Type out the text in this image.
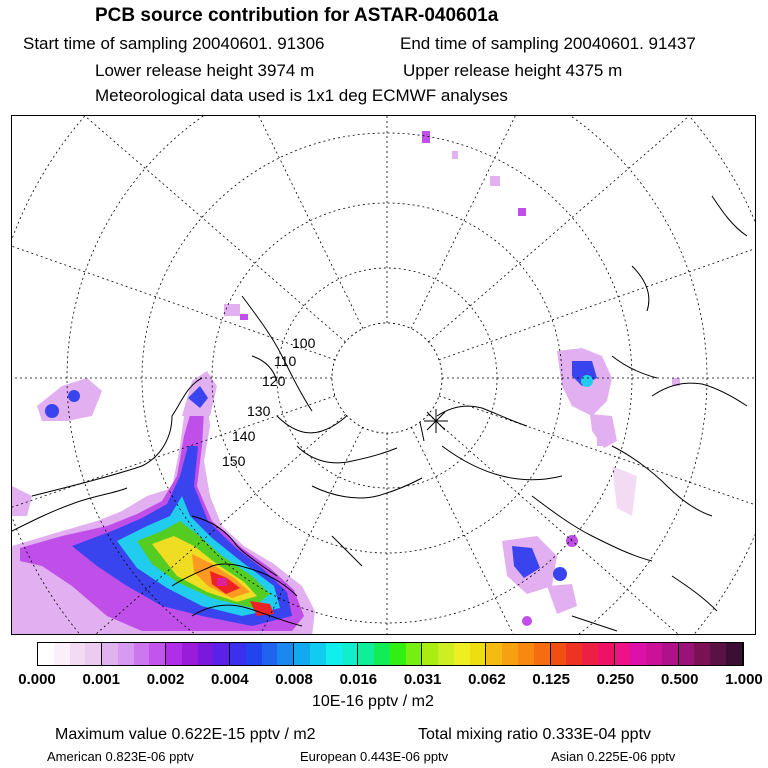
PCB source contribution for ASTAR-040601a
Start time of sampling 20040601. 91306	End time of sampling 20040601. 91437
Lower release height 3974 m	Upper release height 4375 m
Meteorological data used is 1x1 deg ECMWF analyses
100
110
120
130
140
150
0.000 0.001 0.002 0.004 0.008 0.016 0.031 0.062 0.125 0.250 0.500 1.000
10E-16 pptv / m2
Maximum value 0.622E-15 pptv / m2	Total mixing ratio 0.333E-04 pptv
American 0.823E-06 pptv	European 0.443E-06 pptv	Asian 0.225E-06 pptv
